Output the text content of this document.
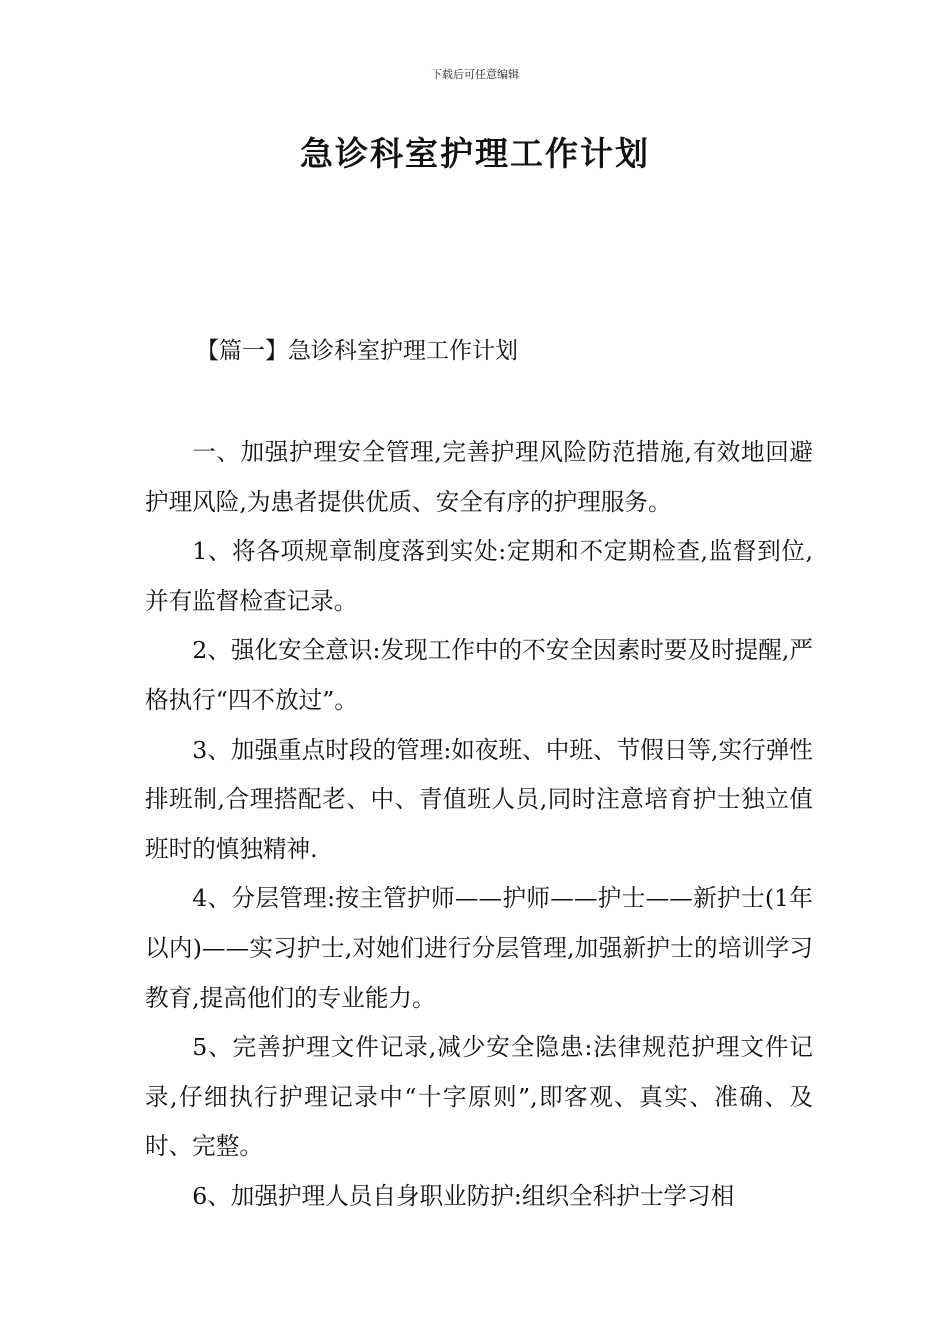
下载后可任意编辑
急诊科室护理工作计划
【篇一】急诊科室护理工作计划

一、加强护理安全管理,完善护理风险防范措施,有效地回避护理风险,为患者提供优质、安全有序的护理服务。

1、将各项规章制度落到实处:定期和不定期检查,监督到位,并有监督检查记录。

2、强化安全意识:发现工作中的不安全因素时要及时提醒,严格执行“四不放过”。

3、加强重点时段的管理:如夜班、中班、节假日等,实行弹性排班制,合理搭配老、中、青值班人员,同时注意培育护士独立值班时的慎独精神.

4、分层管理:按主管护师——护师——护士——新护士(1年以内)——实习护士,对她们进行分层管理,加强新护士的培训学习教育,提高他们的专业能力。

5、完善护理文件记录,减少安全隐患:法律规范护理文件记录,仔细执行护理记录中“十字原则”,即客观、真实、准确、及时、完整。

6、加强护理人员自身职业防护:组织全科护士学习相
